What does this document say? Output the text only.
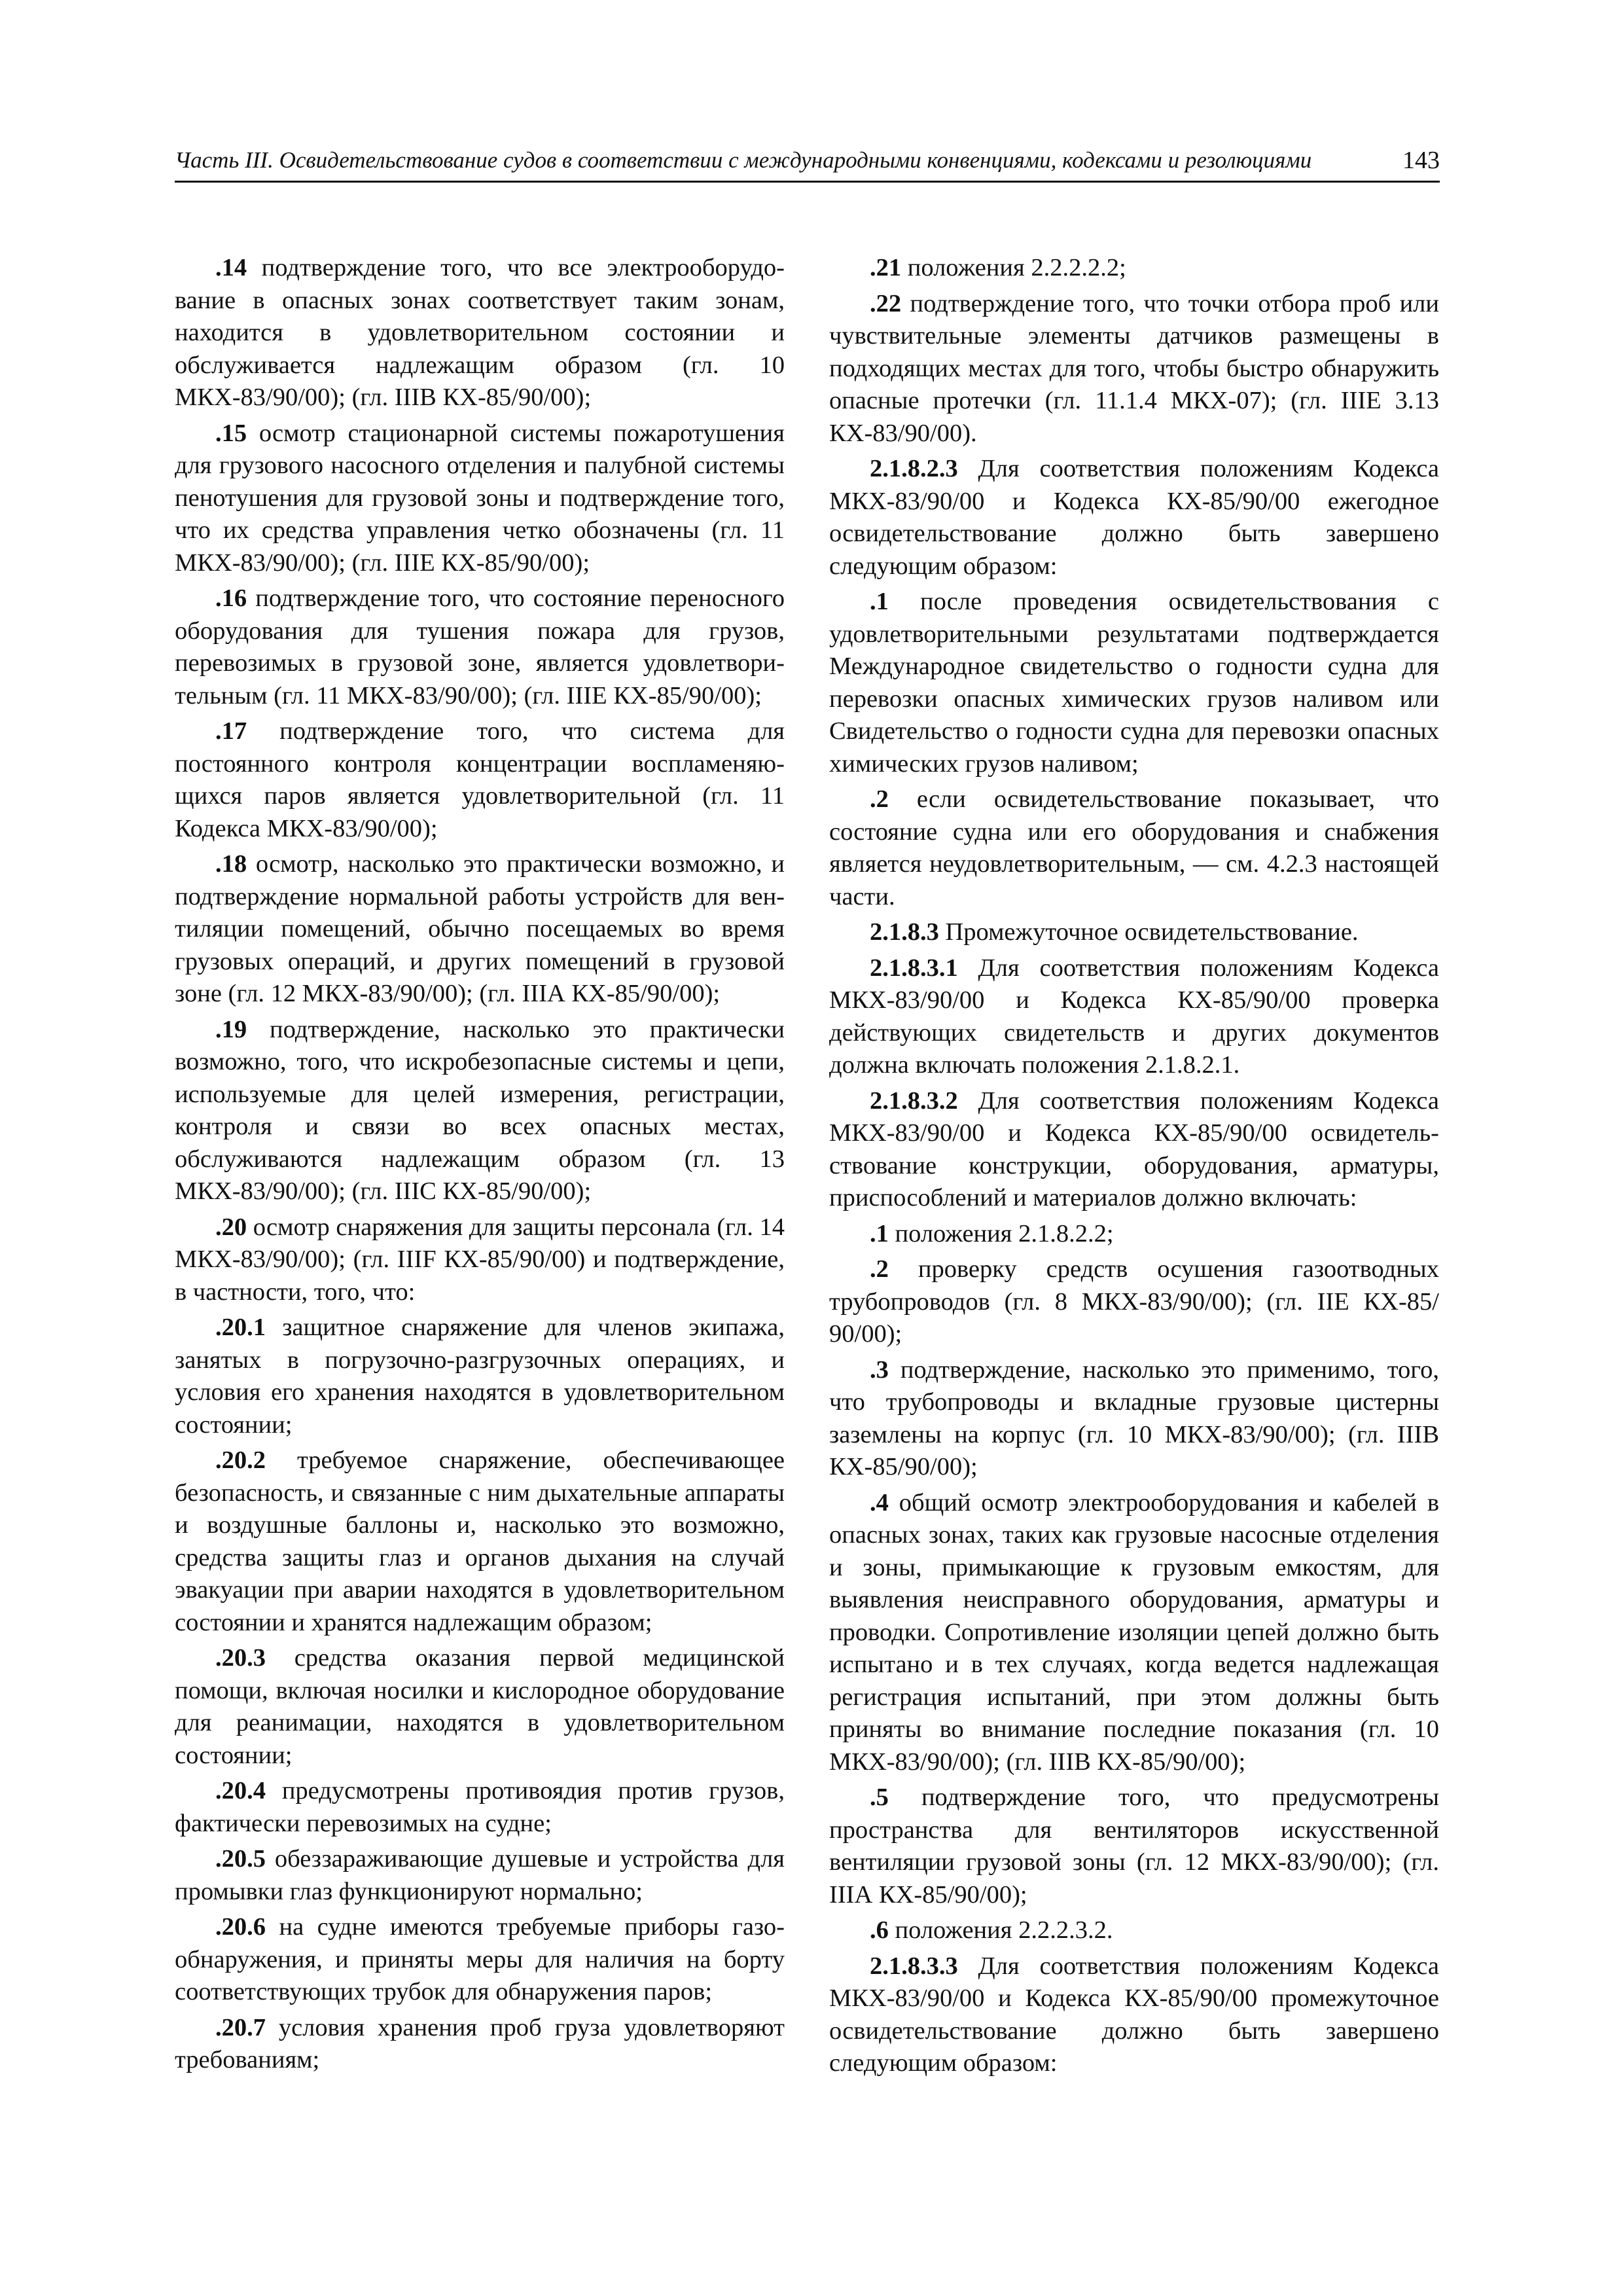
Часть III. Освидетельствование судов в соответствии с международными конвенциями, кодексами и резолюциями	143

.14 подтверждение того, что все электрооборудование в опасных зонах соответствует таким зонам, находится в удовлетворительном состоянии и обслуживается надлежащим образом (гл. 10 МКХ-83/90/00); (гл. IIIВ КХ-85/90/00);

.15 осмотр стационарной системы пожаротушения для грузового насосного отделения и палубной системы пенотушения для грузовой зоны и подтверждение того, что их средства управления четко обозначены (гл. 11 МКХ-83/90/00); (гл. IIIЕ КХ-85/90/00);

.16 подтверждение того, что состояние переносного оборудования для тушения пожара для грузов, перевозимых в грузовой зоне, является удовлетворительным (гл. 11 МКХ-83/90/00); (гл. IIIЕ КХ-85/90/00);

.17 подтверждение того, что система для постоянного контроля концентрации воспламеняющихся паров является удовлетворительной (гл. 11 Кодекса МКХ-83/90/00);

.18 осмотр, насколько это практически возможно, и подтверждение нормальной работы устройств для вентиляции помещений, обычно посещаемых во время грузовых операций, и других помещений в грузовой зоне (гл. 12 МКХ-83/90/00); (гл. IIIА КХ-85/90/00);

.19 подтверждение, насколько это практически возможно, того, что искробезопасные системы и цепи, используемые для целей измерения, регистрации, контроля и связи во всех опасных местах, обслуживаются надлежащим образом (гл. 13 МКХ-83/90/00); (гл. IIIС КХ-85/90/00);

.20 осмотр снаряжения для защиты персонала (гл. 14 МКХ-83/90/00); (гл. IIIF КХ-85/90/00) и подтверждение, в частности, того, что:

.20.1 защитное снаряжение для членов экипажа, занятых в погрузочно-разгрузочных операциях, и условия его хранения находятся в удовлетворительном состоянии;

.20.2 требуемое снаряжение, обеспечивающее безопасность, и связанные с ним дыхательные аппараты и воздушные баллоны и, насколько это возможно, средства защиты глаз и органов дыхания на случай эвакуации при аварии находятся в удовлетворительном состоянии и хранятся надлежащим образом;

.20.3 средства оказания первой медицинской помощи, включая носилки и кислородное оборудование для реанимации, находятся в удовлетворительном состоянии;

.20.4 предусмотрены противоядия против грузов, фактически перевозимых на судне;

.20.5 обеззараживающие душевые и устройства для промывки глаз функционируют нормально;

.20.6 на судне имеются требуемые приборы газообнаружения, и приняты меры для наличия на борту соответствующих трубок для обнаружения паров;

.20.7 условия хранения проб груза удовлетворяют требованиям;

.21 положения 2.2.2.2.2;

.22 подтверждение того, что точки отбора проб или чувствительные элементы датчиков размещены в подходящих местах для того, чтобы быстро обнаружить опасные протечки (гл. 11.1.4 МКХ-07); (гл. IIIЕ 3.13 КХ-83/90/00).

2.1.8.2.3 Для соответствия положениям Кодекса МКХ-83/90/00 и Кодекса КХ-85/90/00 ежегодное освидетельствование должно быть завершено следующим образом:

.1 после проведения освидетельствования с удовлетворительными результатами подтверждается Международное свидетельство о годности судна для перевозки опасных химических грузов наливом или Свидетельство о годности судна для перевозки опасных химических грузов наливом;

.2 если освидетельствование показывает, что состояние судна или его оборудования и снабжения является неудовлетворительным, — см. 4.2.3 настоящей части.

2.1.8.3 Промежуточное освидетельствование.

2.1.8.3.1 Для соответствия положениям Кодекса МКХ-83/90/00 и Кодекса КХ-85/90/00 проверка действующих свидетельств и других документов должна включать положения 2.1.8.2.1.

2.1.8.3.2 Для соответствия положениям Кодекса МКХ-83/90/00 и Кодекса КХ-85/90/00 освидетельствование конструкции, оборудования, арматуры, приспособлений и материалов должно включать:

.1 положения 2.1.8.2.2;

.2 проверку средств осушения газоотводных трубопроводов (гл. 8 МКХ-83/90/00); (гл. IIЕ КХ-85/ 90/00);

.3 подтверждение, насколько это применимо, того, что трубопроводы и вкладные грузовые цистерны заземлены на корпус (гл. 10 МКХ-83/90/00); (гл. IIIВ КХ-85/90/00);

.4 общий осмотр электрооборудования и кабелей в опасных зонах, таких как грузовые насосные отделения и зоны, примыкающие к грузовым емкостям, для выявления неисправного оборудования, арматуры и проводки. Сопротивление изоляции цепей должно быть испытано и в тех случаях, когда ведется надлежащая регистрация испытаний, при этом должны быть приняты во внимание последние показания (гл. 10 МКХ-83/90/00); (гл. IIIВ КХ-85/90/00);

.5 подтверждение того, что предусмотрены пространства для вентиляторов искусственной вентиляции грузовой зоны (гл. 12 МКХ-83/90/00); (гл. IIIА КХ-85/90/00);

.6 положения 2.2.2.3.2.

2.1.8.3.3 Для соответствия положениям Кодекса МКХ-83/90/00 и Кодекса КХ-85/90/00 промежуточное освидетельствование должно быть завершено следующим образом:
